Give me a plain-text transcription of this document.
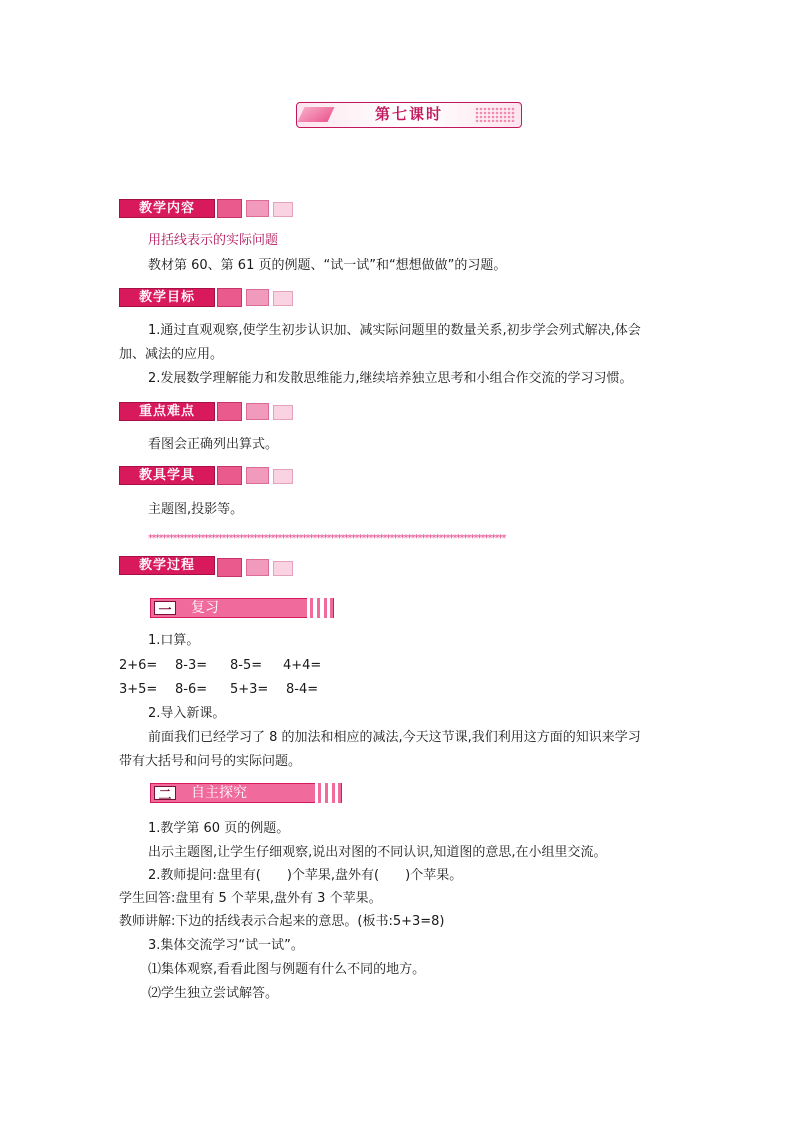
第七课时
教学内容
用括线表示的实际问题
教材第 60、第 61 页的例题、“试一试”和“想想做做”的习题。
教学目标
1.通过直观观察,使学生初步认识加、减实际问题里的数量关系,初步学会列式解决,体会
加、减法的应用。
2.发展数学理解能力和发散思维能力,继续培养独立思考和小组合作交流的学习习惯。
重点难点
看图会正确列出算式。
教具学具
主题图,投影等。
******************************************************************************************************
教学过程
一 复习
1.口算。
2+6= 8-3= 8-5= 4+4=
3+5= 8-6= 5+3= 8-4=
2.导入新课。
前面我们已经学习了 8 的加法和相应的减法,今天这节课,我们利用这方面的知识来学习
带有大括号和问号的实际问题。
二 自主探究
1.教学第 60 页的例题。
出示主题图,让学生仔细观察,说出对图的不同认识,知道图的意思,在小组里交流。
2.教师提问:盘里有(　　)个苹果,盘外有(　　)个苹果。
学生回答:盘里有 5 个苹果,盘外有 3 个苹果。
教师讲解:下边的括线表示合起来的意思。(板书:5+3=8)
3.集体交流学习“试一试”。
⑴集体观察,看看此图与例题有什么不同的地方。
⑵学生独立尝试解答。
